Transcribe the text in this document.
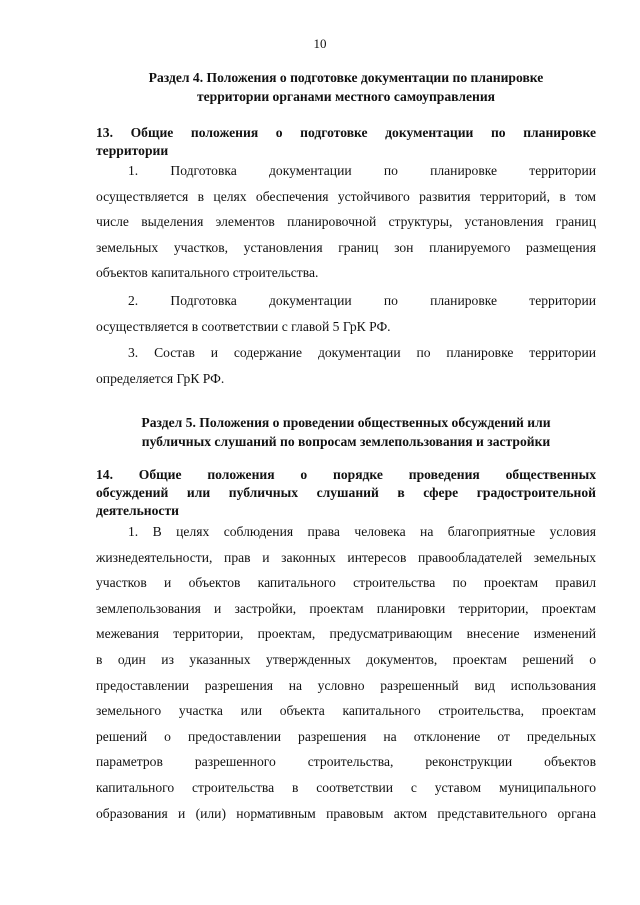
10
Раздел 4. Положения о подготовке документации по планировке
территории органами местного самоуправления
13. Общие положения о подготовке документации по планировке
территории
1. Подготовка документации по планировке территории
осуществляется в целях обеспечения устойчивого развития территорий, в том
числе выделения элементов планировочной структуры, установления границ
земельных участков, установления границ зон планируемого размещения
объектов капитального строительства.
2. Подготовка документации по планировке территории
осуществляется в соответствии с главой 5 ГрК РФ.
3. Состав и содержание документации по планировке территории
определяется ГрК РФ.
Раздел 5. Положения о проведении общественных обсуждений или
публичных слушаний по вопросам землепользования и застройки
14. Общие положения о порядке проведения общественных
обсуждений или публичных слушаний в сфере градостроительной
деятельности
1. В целях соблюдения права человека на благоприятные условия
жизнедеятельности, прав и законных интересов правообладателей земельных
участков и объектов капитального строительства по проектам правил
землепользования и застройки, проектам планировки территории, проектам
межевания территории, проектам, предусматривающим внесение изменений
в один из указанных утвержденных документов, проектам решений о
предоставлении разрешения на условно разрешенный вид использования
земельного участка или объекта капитального строительства, проектам
решений о предоставлении разрешения на отклонение от предельных
параметров разрешенного строительства, реконструкции объектов
капитального строительства в соответствии с уставом муниципального
образования и (или) нормативным правовым актом представительного органа
